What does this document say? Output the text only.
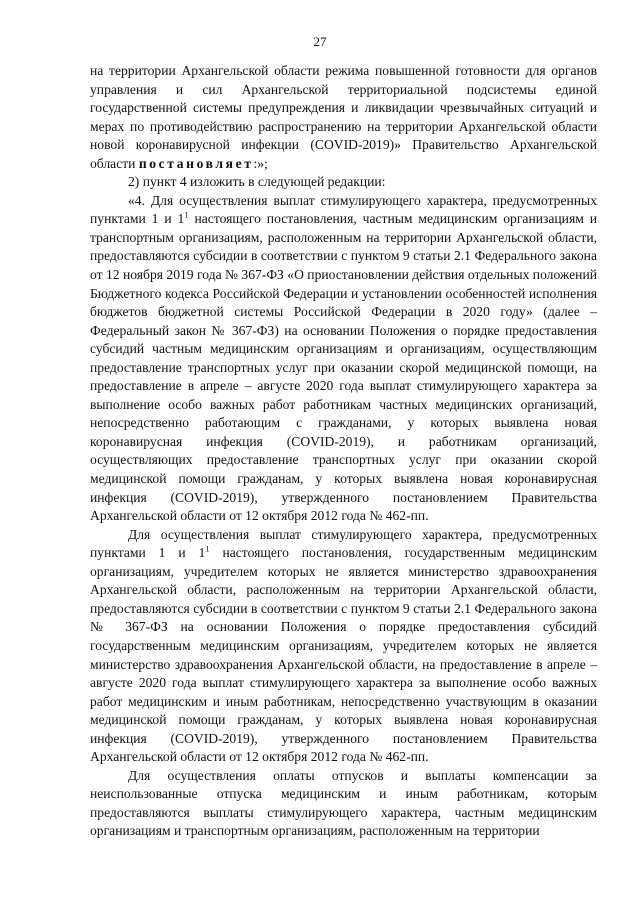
27

на территории Архангельской области режима повышенной готовности для органов управления и сил Архангельской территориальной подсистемы единой государственной системы предупреждения и ликвидации чрезвычайных ситуаций и мерах по противодействию распространению на территории Архангельской области новой коронавирусной инфекции (COVID-2019)» Правительство Архангельской области постановляет:»;

2) пункт 4 изложить в следующей редакции:

«4. Для осуществления выплат стимулирующего характера, предусмотренных пунктами 1 и $1^1$ настоящего постановления, частным медицинским организациям и транспортным организациям, расположенным на территории Архангельской области, предоставляются субсидии в соответствии с пунктом 9 статьи 2.1 Федерального закона от 12 ноября 2019 года № 367-ФЗ «О приостановлении действия отдельных положений Бюджетного кодекса Российской Федерации и установлении особенностей исполнения бюджетов бюджетной системы Российской Федерации в 2020 году» (далее – Федеральный закон № 367-ФЗ) на основании Положения о порядке предоставления субсидий частным медицинским организациям и организациям, осуществляющим предоставление транспортных услуг при оказании скорой медицинской помощи, на предоставление в апреле – августе 2020 года выплат стимулирующего характера за выполнение особо важных работ работникам частных медицинских организаций, непосредственно работающим с гражданами, у которых выявлена новая коронавирусная инфекция (COVID-2019), и работникам организаций, осуществляющих предоставление транспортных услуг при оказании скорой медицинской помощи гражданам, у которых выявлена новая коронавирусная инфекция (COVID-2019), утвержденного постановлением Правительства Архангельской области от 12 октября 2012 года № 462-пп.

Для осуществления выплат стимулирующего характера, предусмотренных пунктами 1 и $1^1$ настоящего постановления, государственным медицинским организациям, учредителем которых не является министерство здравоохранения Архангельской области, расположенным на территории Архангельской области, предоставляются субсидии в соответствии с пунктом 9 статьи 2.1 Федерального закона № 367-ФЗ на основании Положения о порядке предоставления субсидий государственным медицинским организациям, учредителем которых не является министерство здравоохранения Архангельской области, на предоставление в апреле – августе 2020 года выплат стимулирующего характера за выполнение особо важных работ медицинским и иным работникам, непосредственно участвующим в оказании медицинской помощи гражданам, у которых выявлена новая коронавирусная инфекция (COVID-2019), утвержденного постановлением Правительства Архангельской области от 12 октября 2012 года № 462-пп.

Для осуществления оплаты отпусков и выплаты компенсации за неиспользованные отпуска медицинским и иным работникам, которым предоставляются выплаты стимулирующего характера, частным медицинским организациям и транспортным организациям, расположенным на территории
